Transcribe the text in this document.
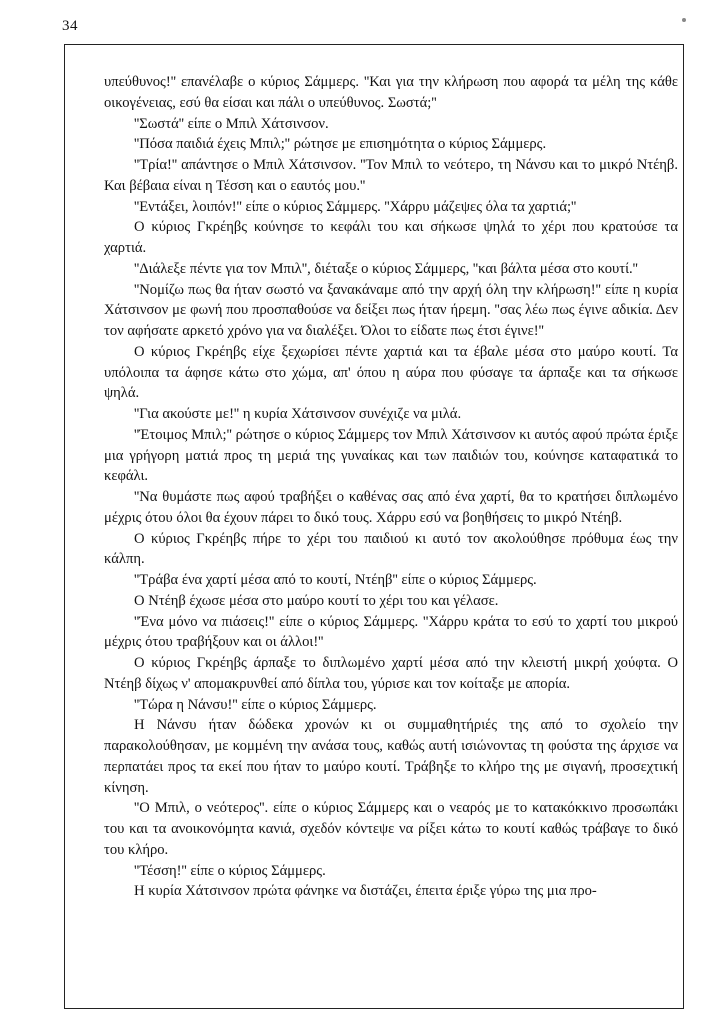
34

υπεύθυνος!'' επανέλαβε ο κύριος Σάμμερς. ''Και για την κλήρωση που αφορά τα μέλη της κάθε οικογένειας, εσύ θα είσαι και πάλι ο υπεύθυνος. Σωστά;''

''Σωστά'' είπε ο Μπιλ Χάτσινσον.

''Πόσα παιδιά έχεις Μπιλ;'' ρώτησε με επισημότητα ο κύριος Σάμμερς.

''Τρία!'' απάντησε ο Μπιλ Χάτσινσον. ''Τον Μπιλ το νεότερο, τη Νάνσυ και το μικρό Ντέηβ. Και βέβαια είναι η Τέσση και ο εαυτός μου.''

''Εντάξει, λοιπόν!'' είπε ο κύριος Σάμμερς. ''Χάρρυ μάζεψες όλα τα χαρτιά;''

Ο κύριος Γκρέηβς κούνησε το κεφάλι του και σήκωσε ψηλά το χέρι που κρατούσε τα χαρτιά.

''Διάλεξε πέντε για τον Μπιλ'', διέταξε ο κύριος Σάμμερς, ''και βάλτα μέσα στο κουτί.''

''Νομίζω πως θα ήταν σωστό να ξανακάναμε από την αρχή όλη την κλήρωση!'' είπε η κυρία Χάτσινσον με φωνή που προσπαθούσε να δείξει πως ήταν ήρεμη. ''σας λέω πως έγινε αδικία. Δεν τον αφήσατε αρκετό χρόνο για να διαλέξει. Όλοι το είδατε πως έτσι έγινε!''

Ο κύριος Γκρέηβς είχε ξεχωρίσει πέντε χαρτιά και τα έβαλε μέσα στο μαύρο κουτί. Τα υπόλοιπα τα άφησε κάτω στο χώμα, απ' όπου η αύρα που φύσαγε τα άρπαξε και τα σήκωσε ψηλά.

''Για ακούστε με!'' η κυρία Χάτσινσον συνέχιζε να μιλά.

''Έτοιμος Μπιλ;'' ρώτησε ο κύριος Σάμμερς τον Μπιλ Χάτσινσον κι αυτός αφού πρώτα έριξε μια γρήγορη ματιά προς τη μεριά της γυναίκας και των παιδιών του, κούνησε καταφατικά το κεφάλι.

''Να θυμάστε πως αφού τραβήξει ο καθένας σας από ένα χαρτί, θα το κρατήσει διπλωμένο μέχρις ότου όλοι θα έχουν πάρει το δικό τους. Χάρρυ εσύ να βοηθήσεις το μικρό Ντέηβ.

Ο κύριος Γκρέηβς πήρε το χέρι του παιδιού κι αυτό τον ακολούθησε πρόθυμα έως την κάλπη.

''Τράβα ένα χαρτί μέσα από το κουτί, Ντέηβ'' είπε ο κύριος Σάμμερς.

Ο Ντέηβ έχωσε μέσα στο μαύρο κουτί το χέρι του και γέλασε.

''Ένα μόνο να πιάσεις!'' είπε ο κύριος Σάμμερς. ''Χάρρυ κράτα το εσύ το χαρτί του μικρού μέχρις ότου τραβήξουν και οι άλλοι!''

Ο κύριος Γκρέηβς άρπαξε το διπλωμένο χαρτί μέσα από την κλειστή μικρή χούφτα. Ο Ντέηβ δίχως ν' απομακρυνθεί από δίπλα του, γύρισε και τον κοίταξε με απορία.

''Τώρα η Νάνσυ!'' είπε ο κύριος Σάμμερς.

Η Νάνσυ ήταν δώδεκα χρονών κι οι συμμαθητήριές της από το σχολείο την παρακολούθησαν, με κομμένη την ανάσα τους, καθώς αυτή ισιώνοντας τη φούστα της άρχισε να περπατάει προς τα εκεί που ήταν το μαύρο κουτί. Τράβηξε το κλήρο της με σιγανή, προσεχτική κίνηση.

''Ο Μπιλ, ο νεότερος''. είπε ο κύριος Σάμμερς και ο νεαρός με το κατακόκκινο προσωπάκι του και τα ανοικονόμητα κανιά, σχεδόν κόντεψε να ρίξει κάτω το κουτί καθώς τράβαγε το δικό του κλήρο.

''Τέσση!'' είπε ο κύριος Σάμμερς.

Η κυρία Χάτσινσον πρώτα φάνηκε να διστάζει, έπειτα έριξε γύρω της μια προ-
